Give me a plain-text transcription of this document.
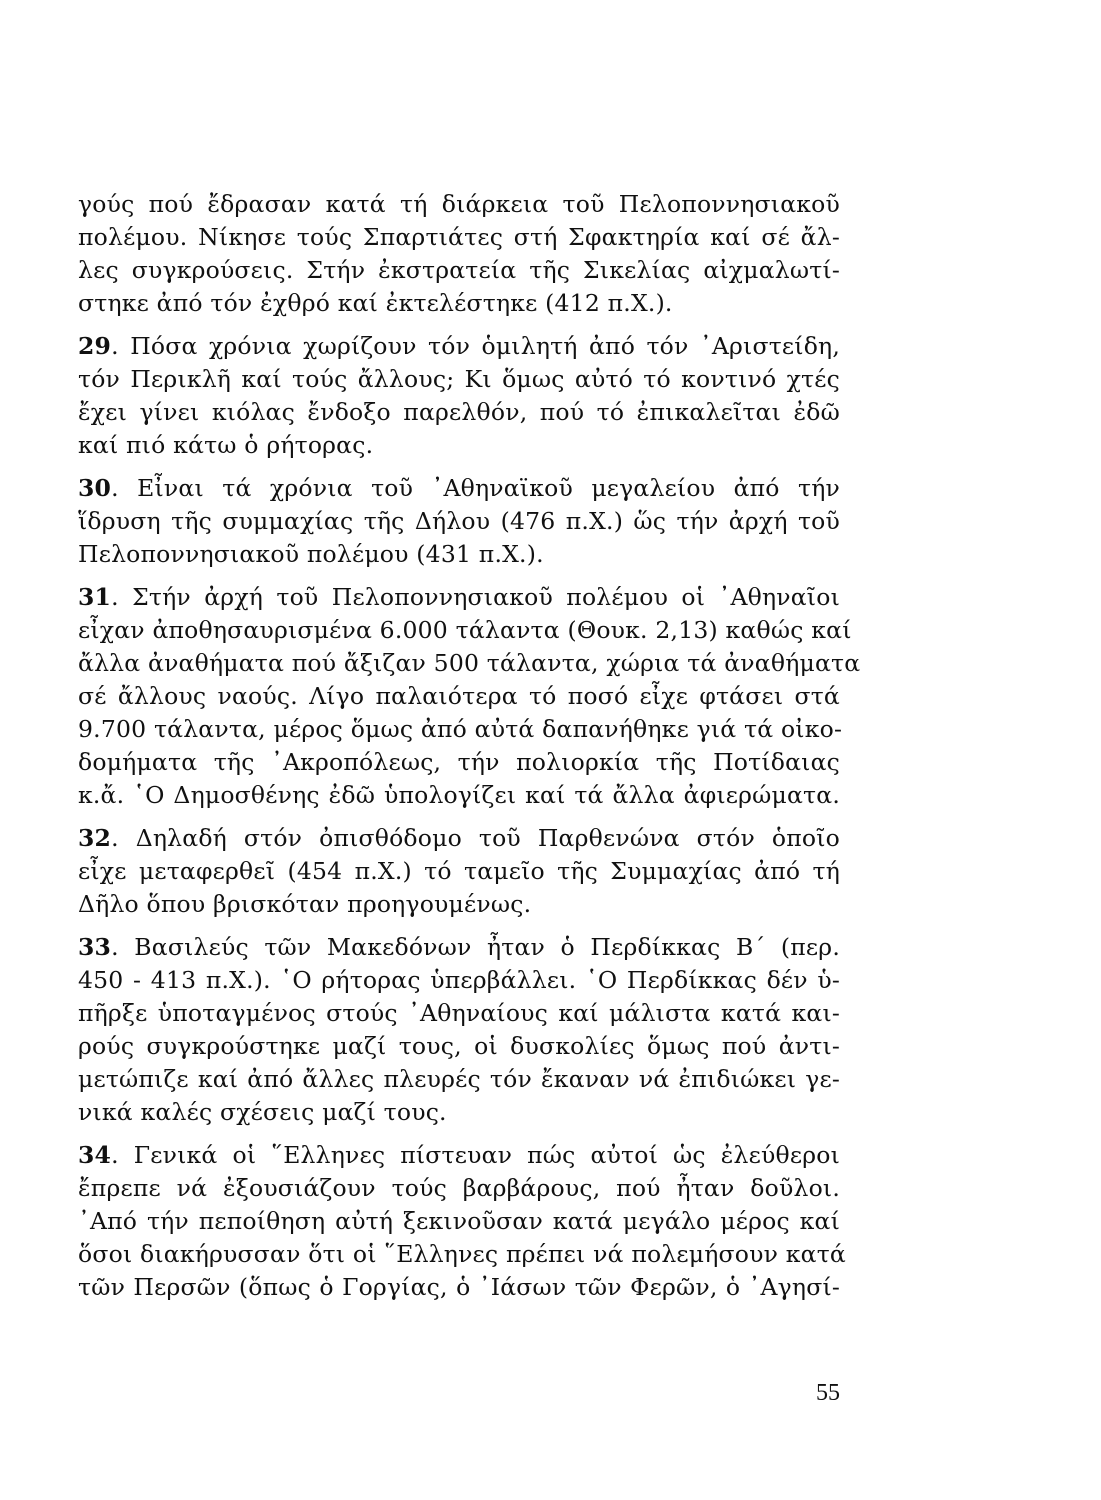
γούς πού ἔδρασαν κατά τή διάρκεια τοῦ Πελοποννησιακοῦ
πολέμου. Νίκησε τούς Σπαρτιάτες στή Σφακτηρία καί σέ ἄλ-
λες συγκρούσεις. Στήν ἐκστρατεία τῆς Σικελίας αἰχμαλωτί-
στηκε ἀπό τόν ἐχθρό καί ἐκτελέστηκε (412 π.Χ.).
29. Πόσα χρόνια χωρίζουν τόν ὁμιλητή ἀπό τόν ᾿Αριστείδη,
τόν Περικλῆ καί τούς ἄλλους; Κι ὅμως αὐτό τό κοντινό χτές
ἔχει γίνει κιόλας ἔνδοξο παρελθόν, πού τό ἐπικαλεῖται ἐδῶ
καί πιό κάτω ὁ ρήτορας.
30. Εἶναι τά χρόνια τοῦ ᾿Αθηναϊκοῦ μεγαλείου ἀπό τήν
ἵδρυση τῆς συμμαχίας τῆς Δήλου (476 π.Χ.) ὥς τήν ἀρχή τοῦ
Πελοποννησιακοῦ πολέμου (431 π.Χ.).
31. Στήν ἀρχή τοῦ Πελοποννησιακοῦ πολέμου οἱ ᾿Αθηναῖοι
εἶχαν ἀποθησαυρισμένα 6.000 τάλαντα (Θουκ. 2,13) καθώς καί
ἄλλα ἀναθήματα πού ἄξιζαν 500 τάλαντα, χώρια τά ἀναθήματα
σέ ἄλλους ναούς. Λίγο παλαιότερα τό ποσό εἶχε φτάσει στά
9.700 τάλαντα, μέρος ὅμως ἀπό αὐτά δαπανήθηκε γιά τά οἰκο-
δομήματα τῆς ᾿Ακροπόλεως, τήν πολιορκία τῆς Ποτίδαιας
κ.ἄ. ῾Ο Δημοσθένης ἐδῶ ὑπολογίζει καί τά ἄλλα ἀφιερώματα.
32. Δηλαδή στόν ὀπισθόδομο τοῦ Παρθενώνα στόν ὁποῖο
εἶχε μεταφερθεῖ (454 π.Χ.) τό ταμεῖο τῆς Συμμαχίας ἀπό τή
Δῆλο ὅπου βρισκόταν προηγουμένως.
33. Βασιλεύς τῶν Μακεδόνων ἦταν ὁ Περδίκκας Β΄ (περ.
450 - 413 π.Χ.). ῾Ο ρήτορας ὑπερβάλλει. ῾Ο Περδίκκας δέν ὑ-
πῆρξε ὑποταγμένος στούς ᾿Αθηναίους καί μάλιστα κατά και-
ρούς συγκρούστηκε μαζί τους, οἱ δυσκολίες ὅμως πού ἀντι-
μετώπιζε καί ἀπό ἄλλες πλευρές τόν ἔκαναν νά ἐπιδιώκει γε-
νικά καλές σχέσεις μαζί τους.
34. Γενικά οἱ ῞Ελληνες πίστευαν πώς αὐτοί ὡς ἐλεύθεροι
ἔπρεπε νά ἐξουσιάζουν τούς βαρβάρους, πού ἦταν δοῦλοι.
᾿Από τήν πεποίθηση αὐτή ξεκινοῦσαν κατά μεγάλο μέρος καί
ὅσοι διακήρυσσαν ὅτι οἱ ῞Ελληνες πρέπει νά πολεμήσουν κατά
τῶν Περσῶν (ὅπως ὁ Γοργίας, ὁ ᾿Ιάσων τῶν Φερῶν, ὁ ᾿Αγησί-
55
